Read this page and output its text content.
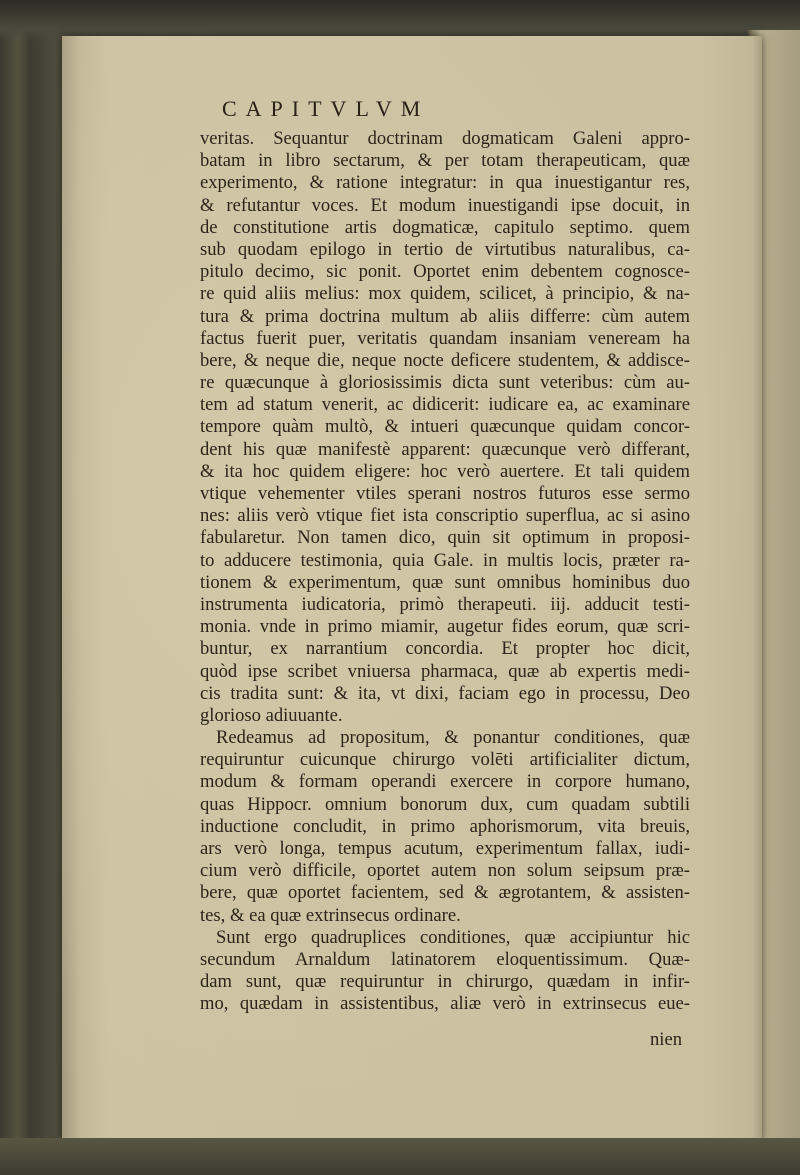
CAPITVLVM
veritas. Sequantur doctrinam dogmaticam Galeni appro-
batam in libro sectarum, & per totam therapeuticam, quæ
experimento, & ratione integratur: in qua inuestigantur res,
& refutantur voces. Et modum inuestigandi ipse docuit, in
de constitutione artis dogmaticæ, capitulo septimo. quem
sub quodam epilogo in tertio de virtutibus naturalibus, ca-
pitulo decimo, sic ponit. Oportet enim debentem cognosce-
re quid aliis melius: mox quidem, scilicet, à principio, & na-
tura & prima doctrina multum ab aliis differre: cùm autem
factus fuerit puer, veritatis quandam insaniam veneream ha
bere, & neque die, neque nocte deficere studentem, & addisce-
re quæcunque à gloriosissimis dicta sunt veteribus: cùm au-
tem ad statum venerit, ac didicerit: iudicare ea, ac examinare
tempore quàm multò, & intueri quæcunque quidam concor-
dent his quæ manifestè apparent: quæcunque verò differant,
& ita hoc quidem eligere: hoc verò auertere. Et tali quidem
vtique vehementer vtiles sperani nostros futuros esse sermo
nes: aliis verò vtique fiet ista conscriptio superflua, ac si asino
fabularetur. Non tamen dico, quin sit optimum in proposi-
to adducere testimonia, quia Gale. in multis locis, præter ra-
tionem & experimentum, quæ sunt omnibus hominibus duo
instrumenta iudicatoria, primò therapeuti. iij. adducit testi-
monia. vnde in primo miamir, augetur fides eorum, quæ scri-
buntur, ex narrantium concordia. Et propter hoc dicit,
quòd ipse scribet vniuersa pharmaca, quæ ab expertis medi-
cis tradita sunt: & ita, vt dixi, faciam ego in processu, Deo
glorioso adiuuante.
Redeamus ad propositum, & ponantur conditiones, quæ
requiruntur cuicunque chirurgo volēti artificialiter dictum,
modum & formam operandi exercere in corpore humano,
quas Hippocr. omnium bonorum dux, cum quadam subtili
inductione concludit, in primo aphorismorum, vita breuis,
ars verò longa, tempus acutum, experimentum fallax, iudi-
cium verò difficile, oportet autem non solum seipsum præ-
bere, quæ oportet facientem, sed & ægrotantem, & assisten-
tes, & ea quæ extrinsecus ordinare.
Sunt ergo quadruplices conditiones, quæ accipiuntur hic
secundum Arnaldum latinatorem eloquentissimum. Quæ-
dam sunt, quæ requiruntur in chirurgo, quædam in infir-
mo, quædam in assistentibus, aliæ verò in extrinsecus eue-
nien
